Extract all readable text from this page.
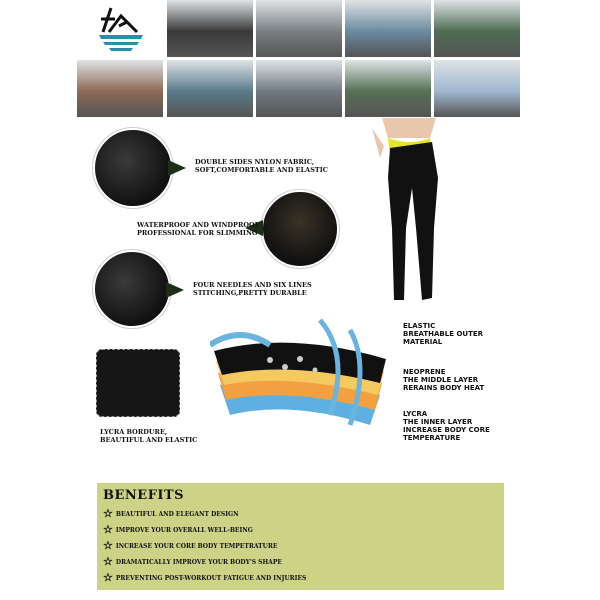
DOUBLE SIDES NYLON FABRIC,
SOFT,COMFORTABLE AND ELASTIC
WATERPROOF AND WINDPROOF
PROFESSIONAL FOR SLIMMING
FOUR NEEDLES AND SIX LINES
STITCHING,PRETTY DURABLE
LYCRA BORDURE,
BEAUTIFUL AND ELASTIC
ELASTIC
BREATHABLE OUTER
MATERIAL
NEOPRENE
THE MIDDLE LAYER
RERAINS BODY HEAT
LYCRA
THE INNER LAYER
INCREASE BODY CORE
TEMPERATURE
BENEFITS
☆ BEAUTIFUL AND ELEGANT DESIGN
☆ IMPROVE YOUR OVERALL WELL-BEING
☆ INCREASE YOUR CORE BODY TEMPETRATURE
☆ DRAMATICALLY IMPROVE YOUR BODY'S SHAPE
☆ PREVENTING POST-WORKOUT FATIGUE AND INJURIES
